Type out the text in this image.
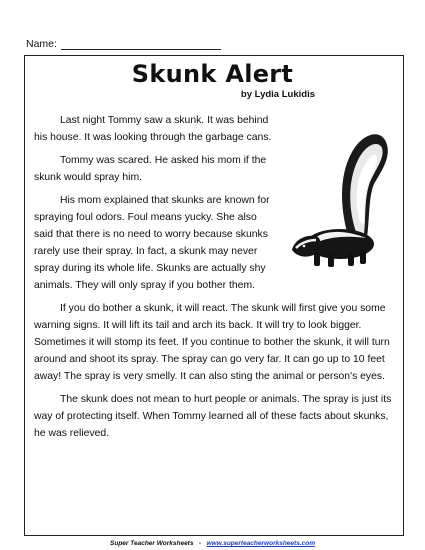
Name:
Skunk Alert
by Lydia Lukidis

Last night Tommy saw a skunk. It was behind his house. It was looking through the garbage cans.

Tommy was scared. He asked his mom if the skunk would spray him.

His mom explained that skunks are known for spraying foul odors. Foul means yucky. She also said that there is no need to worry because skunks rarely use their spray. In fact, a skunk may never spray during its whole life. Skunks are actually shy animals. They will only spray if you bother them.

If you do bother a skunk, it will react. The skunk will first give you some warning signs. It will lift its tail and arch its back. It will try to look bigger. Sometimes it will stomp its feet. If you continue to bother the skunk, it will turn around and shoot its spray. The spray can go very far. It can go up to 10 feet away! The spray is very smelly. It can also sting the animal or person's eyes.

The skunk does not mean to hurt people or animals. The spray is just its way of protecting itself. When Tommy learned all of these facts about skunks, he was relieved.

Super Teacher Worksheets - www.superteacherworksheets.com
